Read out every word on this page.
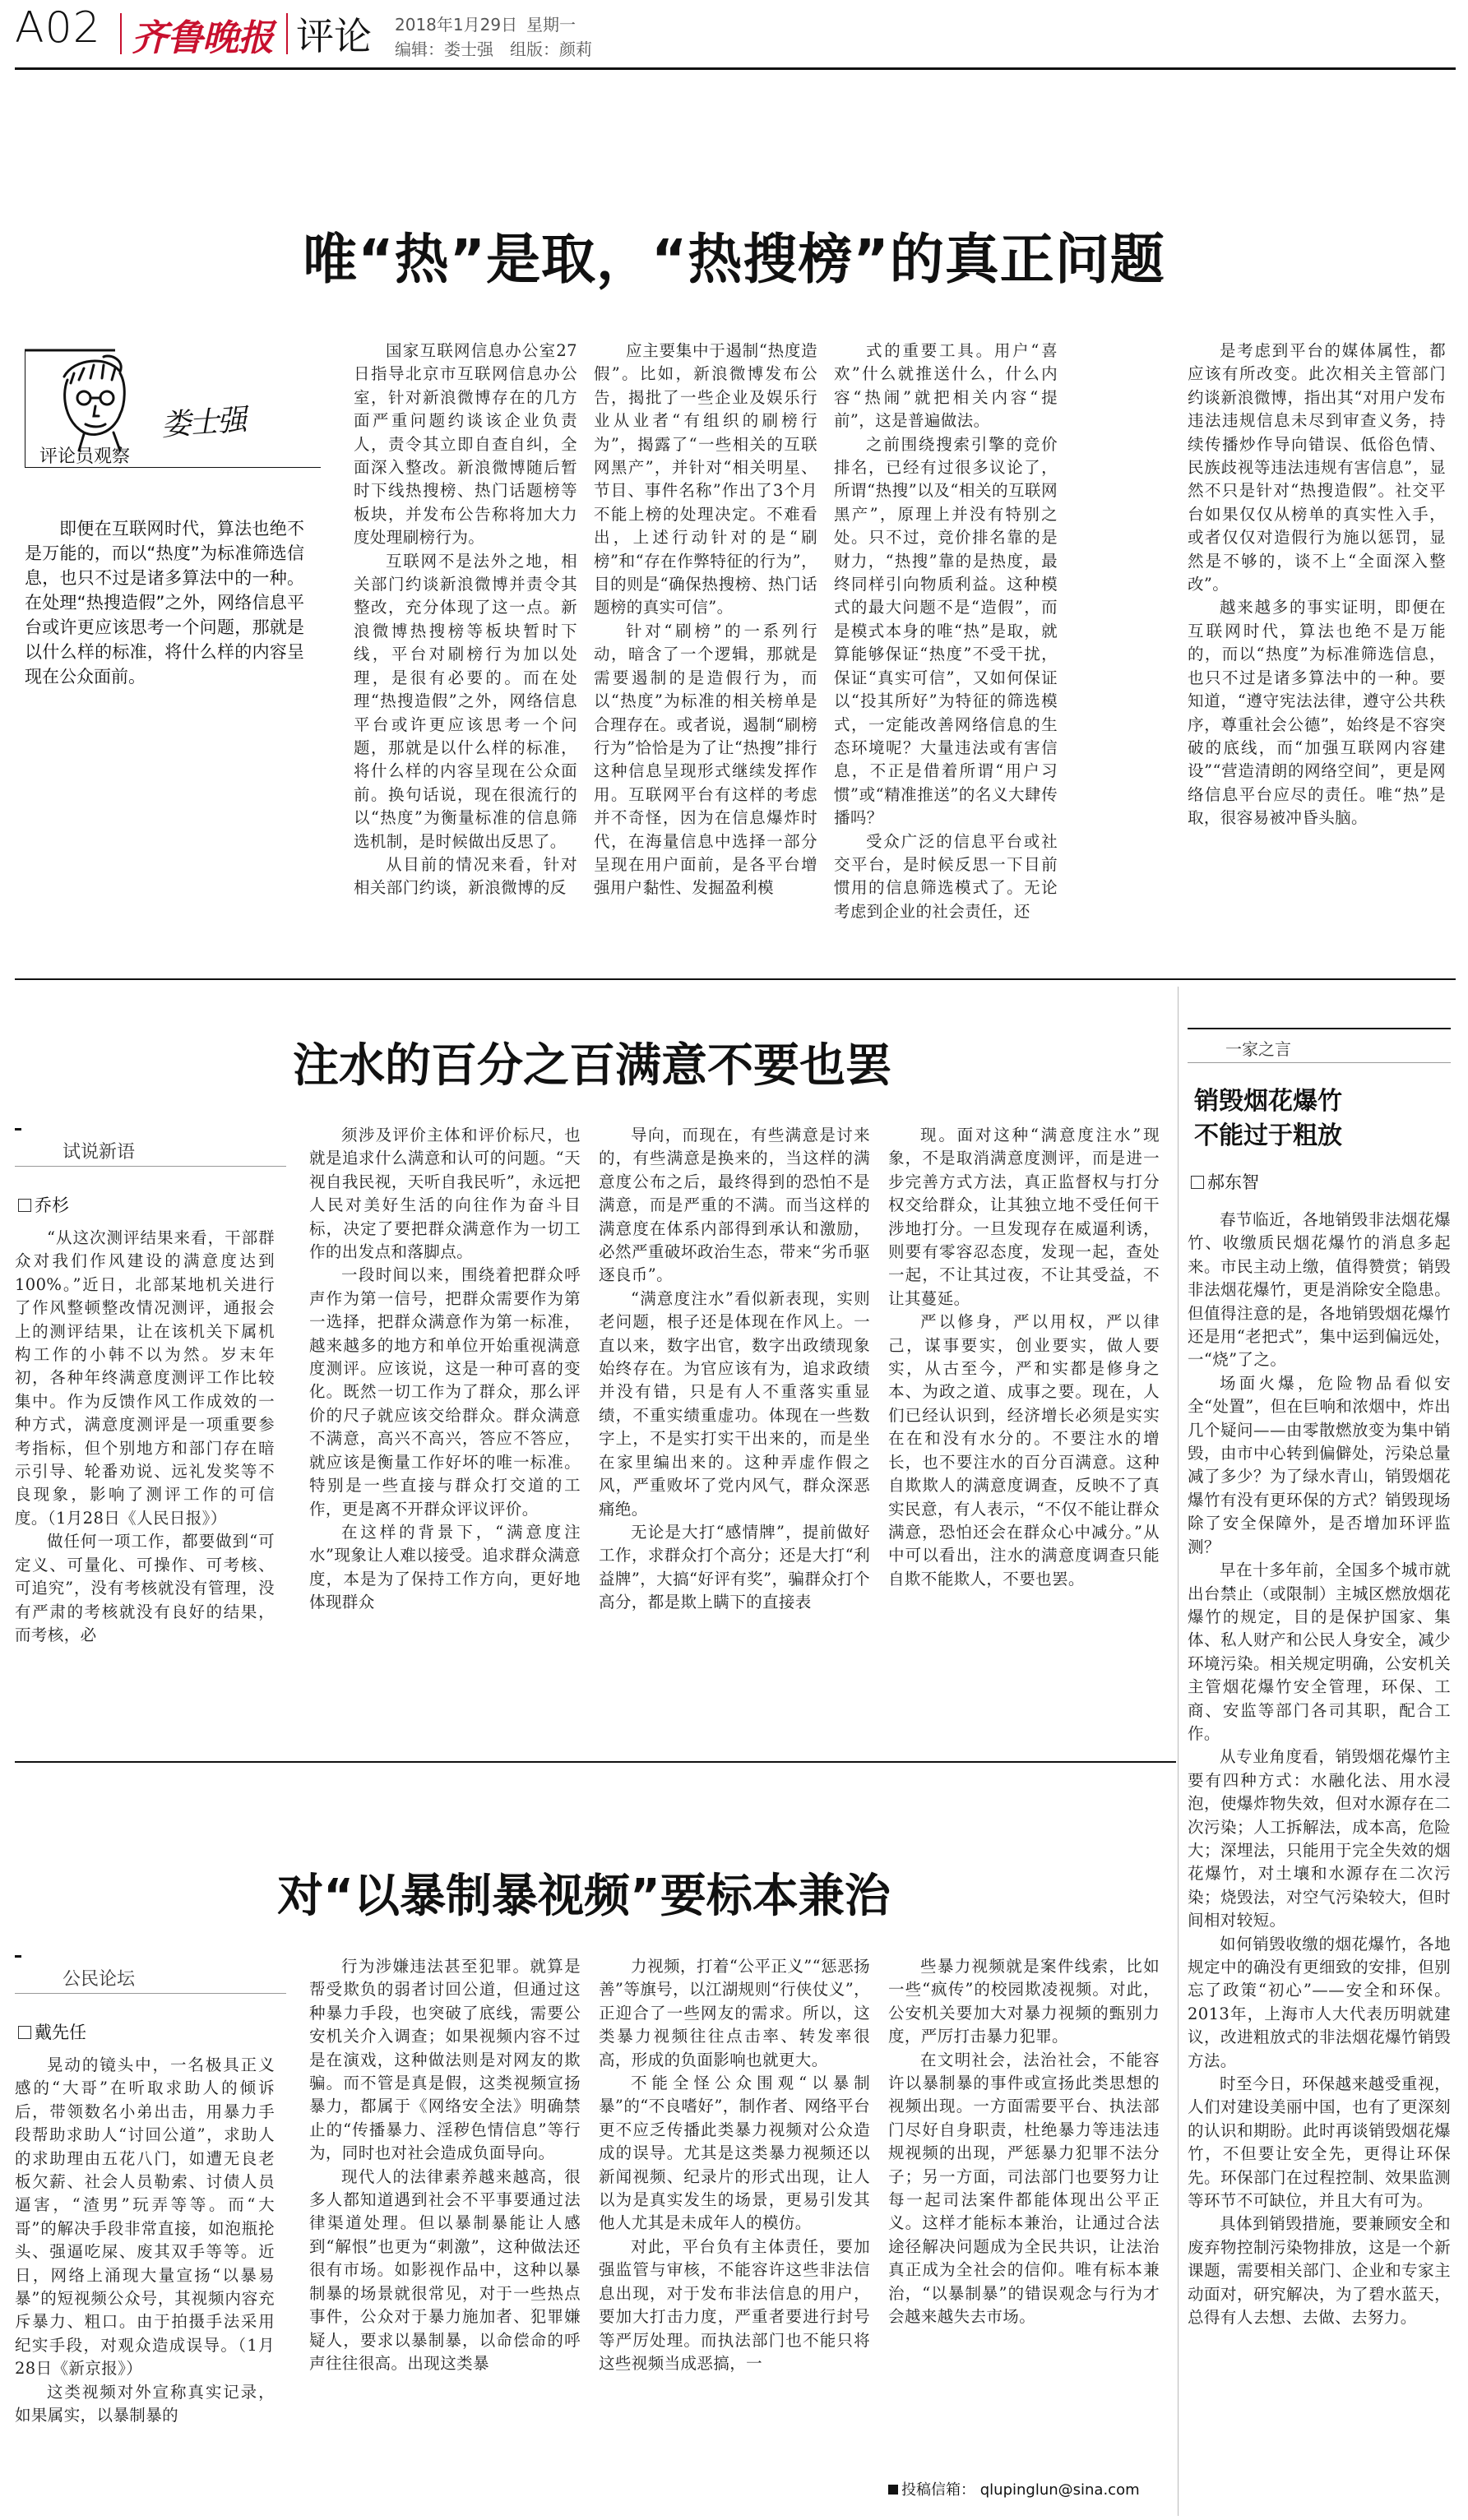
A02 齐鲁晚报 评论 2018年1月29日 星期一
编辑：娄士强 组版：颜莉
唯“热”是取，“热搜榜”的真正问题
娄士强
评论员观察
即便在互联网时代，算法也绝不是万能的，而以“热度”为标准筛选信息，也只不过是诸多算法中的一种。在处理“热搜造假”之外，网络信息平台或许更应该思考一个问题，那就是以什么样的标准，将什么样的内容呈现在公众面前。

国家互联网信息办公室27日指导北京市互联网信息办公室，针对新浪微博存在的几方面严重问题约谈该企业负责人，责令其立即自查自纠，全面深入整改。新浪微博随后暂时下线热搜榜、热门话题榜等板块，并发布公告称将加大力度处理刷榜行为。

互联网不是法外之地，相关部门约谈新浪微博并责令其整改，充分体现了这一点。新浪微博热搜榜等板块暂时下线，平台对刷榜行为加以处理，是很有必要的。而在处理“热搜造假”之外，网络信息平台或许更应该思考一个问题，那就是以什么样的标准，将什么样的内容呈现在公众面前。换句话说，现在很流行的以“热度”为衡量标准的信息筛选机制，是时候做出反思了。

从目前的情况来看，针对相关部门约谈，新浪微博的反

应主要集中于遏制“热度造假”。比如，新浪微博发布公告，揭批了一些企业及娱乐行业从业者“有组织的刷榜行为”，揭露了“一些相关的互联网黑产”，并针对“相关明星、节目、事件名称”作出了3个月不能上榜的处理决定。不难看出，上述行动针对的是“刷榜”和“存在作弊特征的行为”，目的则是“确保热搜榜、热门话题榜的真实可信”。

针对“刷榜”的一系列行动，暗含了一个逻辑，那就是需要遏制的是造假行为，而以“热度”为标准的相关榜单是合理存在。或者说，遏制“刷榜行为”恰恰是为了让“热搜”排行这种信息呈现形式继续发挥作用。互联网平台有这样的考虑并不奇怪，因为在信息爆炸时代，在海量信息中选择一部分呈现在用户面前，是各平台增强用户黏性、发掘盈利模

式的重要工具。用户“喜欢”什么就推送什么，什么内容“热闹”就把相关内容“提前”，这是普遍做法。

之前围绕搜索引擎的竞价排名，已经有过很多议论了，所谓“热搜”以及“相关的互联网黑产”，原理上并没有特别之处。只不过，竞价排名靠的是财力，“热搜”靠的是热度，最终同样引向物质利益。这种模式的最大问题不是“造假”，而是模式本身的唯“热”是取，就算能够保证“热度”不受干扰，保证“真实可信”，又如何保证以“投其所好”为特征的筛选模式，一定能改善网络信息的生态环境呢？大量违法或有害信息，不正是借着所谓“用户习惯”或“精准推送”的名义大肆传播吗？

受众广泛的信息平台或社交平台，是时候反思一下目前惯用的信息筛选模式了。无论考虑到企业的社会责任，还

是考虑到平台的媒体属性，都应该有所改变。此次相关主管部门约谈新浪微博，指出其“对用户发布违法违规信息未尽到审查义务，持续传播炒作导向错误、低俗色情、民族歧视等违法违规有害信息”，显然不只是针对“热搜造假”。社交平台如果仅仅从榜单的真实性入手，或者仅仅对造假行为施以惩罚，显然是不够的，谈不上“全面深入整改”。

越来越多的事实证明，即便在互联网时代，算法也绝不是万能的，而以“热度”为标准筛选信息，也只不过是诸多算法中的一种。要知道，“遵守宪法法律，遵守公共秩序，尊重社会公德”，始终是不容突破的底线，而“加强互联网内容建设”“营造清朗的网络空间”，更是网络信息平台应尽的责任。唯“热”是取，很容易被冲昏头脑。

注水的百分之百满意不要也罢
试说新语
乔杉

“从这次测评结果来看，干部群众对我们作风建设的满意度达到100%。”近日，北部某地机关进行了作风整顿整改情况测评，通报会上的测评结果，让在该机关下属机构工作的小韩不以为然。岁末年初，各种年终满意度测评工作比较集中。作为反馈作风工作成效的一种方式，满意度测评是一项重要参考指标，但个别地方和部门存在暗示引导、轮番劝说、远礼发奖等不良现象，影响了测评工作的可信度。（1月28日《人民日报》）

做任何一项工作，都要做到“可定义、可量化、可操作、可考核、可追究”，没有考核就没有管理，没有严肃的考核就没有良好的结果，而考核，必

须涉及评价主体和评价标尺，也就是追求什么满意和认可的问题。“天视自我民视，天听自我民听”，永远把人民对美好生活的向往作为奋斗目标，决定了要把群众满意作为一切工作的出发点和落脚点。

一段时间以来，围绕着把群众呼声作为第一信号，把群众需要作为第一选择，把群众满意作为第一标准，越来越多的地方和单位开始重视满意度测评。应该说，这是一种可喜的变化。既然一切工作为了群众，那么评价的尺子就应该交给群众。群众满意不满意，高兴不高兴，答应不答应，就应该是衡量工作好坏的唯一标准。特别是一些直接与群众打交道的工作，更是离不开群众评议评价。

在这样的背景下，“满意度注水”现象让人难以接受。追求群众满意度，本是为了保持工作方向，更好地体现群众

导向，而现在，有些满意是讨来的，有些满意是换来的，当这样的满意度公布之后，最终得到的恐怕不是满意，而是严重的不满。而当这样的满意度在体系内部得到承认和激励，必然严重破坏政治生态，带来“劣币驱逐良币”。

“满意度注水”看似新表现，实则老问题，根子还是体现在作风上。一直以来，数字出官，数字出政绩现象始终存在。为官应该有为，追求政绩并没有错，只是有人不重落实重显绩，不重实绩重虚功。体现在一些数字上，不是实打实干出来的，而是坐在家里编出来的。这种弄虚作假之风，严重败坏了党内风气，群众深恶痛绝。

无论是大打“感情牌”，提前做好工作，求群众打个高分；还是大打“利益牌”，大搞“好评有奖”，骗群众打个高分，都是欺上瞒下的直接表

现。面对这种“满意度注水”现象，不是取消满意度测评，而是进一步完善方式方法，真正监督权与打分权交给群众，让其独立地不受任何干涉地打分。一旦发现存在威逼利诱，则要有零容忍态度，发现一起，查处一起，不让其过夜，不让其受益，不让其蔓延。

严以修身，严以用权，严以律己，谋事要实，创业要实，做人要实，从古至今，严和实都是修身之本、为政之道、成事之要。现在，人们已经认识到，经济增长必须是实实在在和没有水分的。不要注水的增长，也不要注水的百分百满意。这种自欺欺人的满意度调查，反映不了真实民意，有人表示，“不仅不能让群众满意，恐怕还会在群众心中减分。”从中可以看出，注水的满意度调查只能自欺不能欺人，不要也罢。

对“以暴制暴视频”要标本兼治
公民论坛
戴先任

晃动的镜头中，一名极具正义感的“大哥”在听取求助人的倾诉后，带领数名小弟出击，用暴力手段帮助求助人“讨回公道”，求助人的求助理由五花八门，如遭无良老板欠薪、社会人员勒索、讨债人员逼害，“渣男”玩弄等等。而“大哥”的解决手段非常直接，如泡瓶抡头、强逼吃屎、废其双手等等。近日，网络上涌现大量宣扬“以暴易暴”的短视频公众号，其视频内容充斥暴力、粗口。由于拍摄手法采用纪实手段，对观众造成误导。（1月28日《新京报》）

这类视频对外宣称真实记录，如果属实，以暴制暴的

行为涉嫌违法甚至犯罪。就算是帮受欺负的弱者讨回公道，但通过这种暴力手段，也突破了底线，需要公安机关介入调查；如果视频内容不过是在演戏，这种做法则是对网友的欺骗。而不管是真是假，这类视频宣扬暴力，都属于《网络安全法》明确禁止的“传播暴力、淫秽色情信息”等行为，同时也对社会造成负面导向。

现代人的法律素养越来越高，很多人都知道遇到社会不平事要通过法律渠道处理。但以暴制暴能让人感到“解恨”也更为“刺激”，这种做法还很有市场。如影视作品中，这种以暴制暴的场景就很常见，对于一些热点事件，公众对于暴力施加者、犯罪嫌疑人，要求以暴制暴，以命偿命的呼声往往很高。出现这类暴

力视频，打着“公平正义”“惩恶扬善”等旗号，以江湖规则“行侠仗义”，正迎合了一些网友的需求。所以，这类暴力视频往往点击率、转发率很高，形成的负面影响也就更大。

不能全怪公众围观“以暴制暴”的“不良嗜好”，制作者、网络平台更不应乏传播此类暴力视频对公众造成的误导。尤其是这类暴力视频还以新闻视频、纪录片的形式出现，让人以为是真实发生的场景，更易引发其他人尤其是未成年人的模仿。

对此，平台负有主体责任，要加强监管与审核，不能容许这些非法信息出现，对于发布非法信息的用户，要加大打击力度，严重者要进行封号等严厉处理。而执法部门也不能只将这些视频当成恶搞，一

些暴力视频就是案件线索，比如一些“疯传”的校园欺凌视频。对此，公安机关要加大对暴力视频的甄别力度，严厉打击暴力犯罪。

在文明社会，法治社会，不能容许以暴制暴的事件或宣扬此类思想的视频出现。一方面需要平台、执法部门尽好自身职责，杜绝暴力等违法违规视频的出现，严惩暴力犯罪不法分子；另一方面，司法部门也要努力让每一起司法案件都能体现出公平正义。这样才能标本兼治，让通过合法途径解决问题成为全民共识，让法治真正成为全社会的信仰。唯有标本兼治，“以暴制暴”的错误观念与行为才会越来越失去市场。

投稿信箱： qlupinglun@sina.com
一家之言
销毁烟花爆竹
不能过于粗放
郝东智

春节临近，各地销毁非法烟花爆竹、收缴质民烟花爆竹的消息多起来。市民主动上缴，值得赞赏；销毁非法烟花爆竹，更是消除安全隐患。但值得注意的是，各地销毁烟花爆竹还是用“老把式”，集中运到偏远处，一“烧”了之。

场面火爆，危险物品看似安全“处置”，但在巨响和浓烟中，炸出几个疑问——由零散燃放变为集中销毁，由市中心转到偏僻处，污染总量减了多少？为了绿水青山，销毁烟花爆竹有没有更环保的方式？销毁现场除了安全保障外，是否增加环评监测？

早在十多年前，全国多个城市就出台禁止（或限制）主城区燃放烟花爆竹的规定，目的是保护国家、集体、私人财产和公民人身安全，减少环境污染。相关规定明确，公安机关主管烟花爆竹安全管理，环保、工商、安监等部门各司其职，配合工作。

从专业角度看，销毁烟花爆竹主要有四种方式：水融化法、用水浸泡，使爆炸物失效，但对水源存在二次污染；人工拆解法，成本高，危险大；深埋法，只能用于完全失效的烟花爆竹，对土壤和水源存在二次污染；烧毁法，对空气污染较大，但时间相对较短。

如何销毁收缴的烟花爆竹，各地规定中的确没有更细致的安排，但别忘了政策“初心”——安全和环保。2013年，上海市人大代表历明就建议，改进粗放式的非法烟花爆竹销毁方法。

时至今日，环保越来越受重视，人们对建设美丽中国，也有了更深刻的认识和期盼。此时再谈销毁烟花爆竹，不但要让安全先，更得让环保先。环保部门在过程控制、效果监测等环节不可缺位，并且大有可为。

具体到销毁措施，要兼顾安全和废弃物控制污染物排放，这是一个新课题，需要相关部门、企业和专家主动面对，研究解决，为了碧水蓝天，总得有人去想、去做、去努力。
